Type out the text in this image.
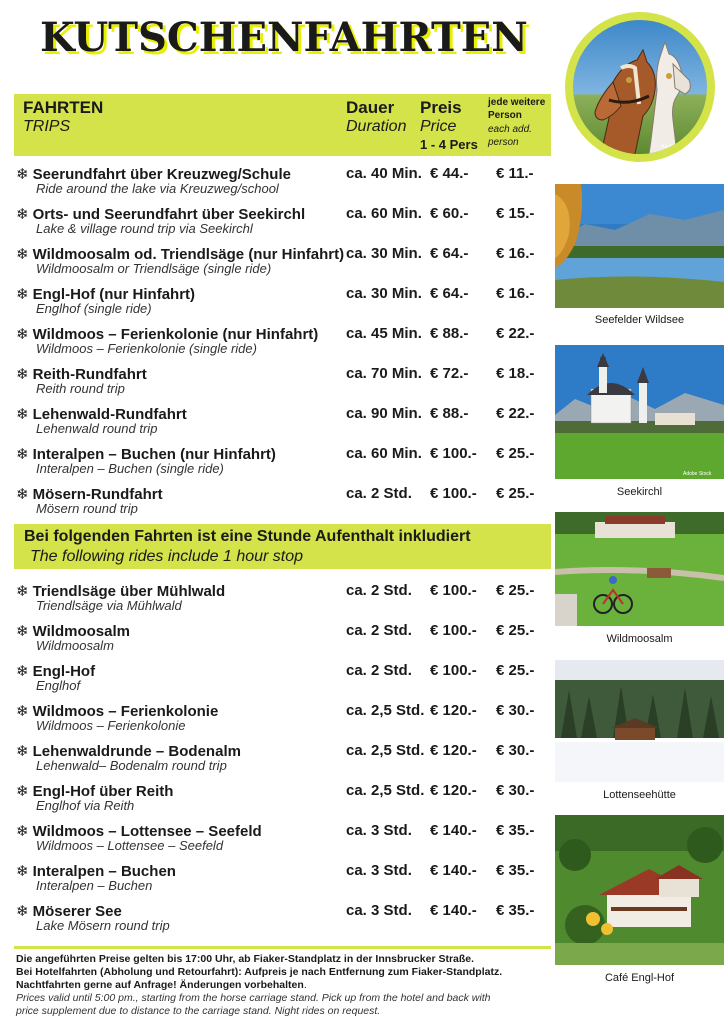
KUTSCHENFAHRTEN
Adobe Stock
FAHRTEN
TRIPS
Dauer
Duration
Preis
Price
1 - 4 Pers
jede weitere
Person
each add.
person
❄ Seerundfahrt über Kreuzweg/Schule
Ride around the lake via Kreuzweg/school
ca. 40 Min. € 44.- € 11.-
❄ Orts- und Seerundfahrt über Seekirchl
Lake & village round trip via Seekirchl
ca. 60 Min. € 60.- € 15.-
❄ Wildmoosalm od. Triendlsäge (nur Hinfahrt)
Wildmoosalm or Triendlsäge (single ride)
ca. 30 Min. € 64.- € 16.-
❄ Engl-Hof (nur Hinfahrt)
Englhof (single ride)
ca. 30 Min. € 64.- € 16.-
❄ Wildmoos – Ferienkolonie (nur Hinfahrt)
Wildmoos – Ferienkolonie (single ride)
ca. 45 Min. € 88.- € 22.-
❄ Reith-Rundfahrt
Reith round trip
ca. 70 Min. € 72.- € 18.-
❄ Lehenwald-Rundfahrt
Lehenwald round trip
ca. 90 Min. € 88.- € 22.-
❄ Interalpen – Buchen (nur Hinfahrt)
Interalpen – Buchen (single ride)
ca. 60 Min. € 100.- € 25.-
❄ Mösern-Rundfahrt
Mösern round trip
ca. 2 Std. € 100.- € 25.-
Bei folgenden Fahrten ist eine Stunde Aufenthalt inkludiert
The following rides include 1 hour stop
❄ Triendlsäge über Mühlwald
Triendlsäge via Mühlwald
ca. 2 Std. € 100.- € 25.-
❄ Wildmoosalm
Wildmoosalm
ca. 2 Std. € 100.- € 25.-
❄ Engl-Hof
Englhof
ca. 2 Std. € 100.- € 25.-
❄ Wildmoos – Ferienkolonie
Wildmoos – Ferienkolonie
ca. 2,5 Std. € 120.- € 30.-
❄ Lehenwaldrunde – Bodenalm
Lehenwald– Bodenalm round trip
ca. 2,5 Std. € 120.- € 30.-
❄ Engl-Hof über Reith
Englhof via Reith
ca. 2,5 Std. € 120.- € 30.-
❄ Wildmoos – Lottensee – Seefeld
Wildmoos – Lottensee – Seefeld
ca. 3 Std. € 140.- € 35.-
❄ Interalpen – Buchen
Interalpen – Buchen
ca. 3 Std. € 140.- € 35.-
❄ Möserer See
Lake Mösern round trip
ca. 3 Std. € 140.- € 35.-
Die angeführten Preise gelten bis 17:00 Uhr, ab Fiaker-Standplatz in der Innsbrucker Straße.
Bei Hotelfahrten (Abholung und Retourfahrt): Aufpreis je nach Entfernung zum Fiaker-Standplatz.
Nachtfahrten gerne auf Anfrage! Änderungen vorbehalten.
Prices valid until 5:00 pm., starting from the horse carriage stand. Pick up from the hotel and back with
price supplement due to distance to the carriage stand. Night rides on request.
Seefelder Wildsee
Adobe Stock
Seekirchl
Wildmoosalm
Lottenseehütte
Café Engl-Hof
